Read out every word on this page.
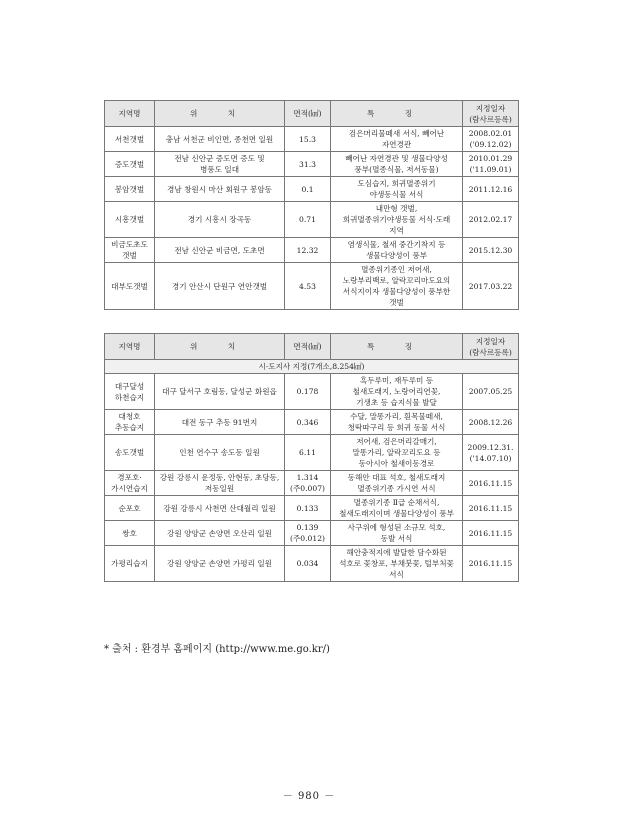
지역명	위 치	면적(㎢)	특 징	지정일자
(람사르등록)
서천갯벌	충남 서천군 비인면, 종천면 일원	15.3	검은머리물떼새 서식, 빼어난
자연경관	2008.02.01
('09.12.02)
증도갯벌	전남 신안군 증도면 증도 및
병풍도 일대	31.3	빼어난 자연경관 및 생물다양성
풍부(멸종식물, 저서동물)	2010.01.29
('11.09.01)
봉암갯벌	경남 창원시 마산 회원구 봉암동	0.1	도심습지, 희귀멸종위기
야생동식물 서식	2011.12.16
시흥갯벌	경기 시흥시 장곡동	0.71	내만형 갯벌,
희귀멸종위기야생동물 서식·도래
지역	2012.02.17
비금도초도
갯벌	전남 신안군 비금면, 도초면	12.32	염생식물, 철새 중간기착지 등
생물다양성이 풍부	2015.12.30
대부도갯벌	경기 안산시 단원구 연안갯벌	4.53	멸종위기종인 저어새,
노랑부리백로, 알락꼬리마도요의
서식지이자 생물다양성이 풍부한
갯벌	2017.03.22
지역명	위 치	면적(㎢)	특 징	지정일자
(람사르등록)
시·도지사 지정(7개소,8.254㎢)				
대구달성
하천습지	대구 달서구 호림동, 달성군 화원읍	0.178	흑두루미, 재두루미 등
철새도래지, 노랑어리연꽃,
기생초 등 습지식물 발달	2007.05.25
대청호
추동습지	대전 동구 추동 91번지	0.346	수달, 말똥가리, 흰목물떼새,
청딱따구리 등 희귀 동물 서식	2008.12.26
송도갯벌	인천 연수구 송도동 일원	6.11	저어새, 검은머리갈매기,
말똥가리, 알락꼬리도요 등
동아시아 철새이동경로	2009.12.31.
('14.07.10)
경포호·
가시연습지	강원 강릉시 운정동, 안현동, 초당동,
저동일원	1.314
(주0.007)	동해안 대표 석호, 철새도래지
멸종위기종 가시연 서식	2016.11.15
순포호	강원 강릉시 사천면 산대월리 일원	0.133	멸종위기종 Ⅱ급 순채서식,
철새도래지이며 생물다양성이 풍부	2016.11.15
쌍호	강원 양양군 손양면 오산리 일원	0.139
(주0.012)	사구위에 형성된 소규모 석호,
동발 서식	2016.11.15
가평리습지	강원 양양군 손양면 가평리 일원	0.034	해안충적지에 발달한 담수화된
석호로 꽃창포, 부채붓꽃, 털부처꽃
서식	2016.11.15
* 출처 : 환경부 홈페이지 (http://www.me.go.kr/)
－ 980 －
